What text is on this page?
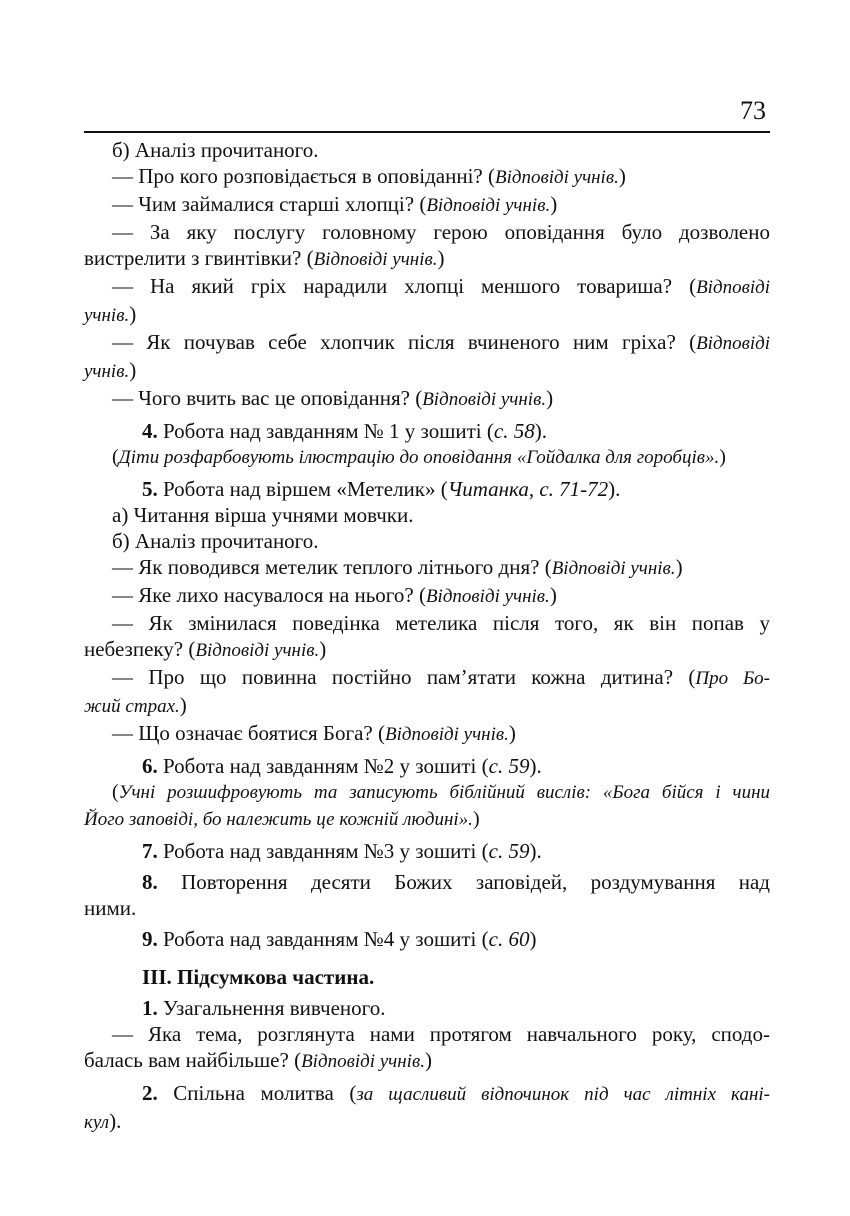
73

б) Аналіз прочитаного.

— Про кого розповідається в оповіданні? (Відповіді учнів.)

— Чим займалися старші хлопці? (Відповіді учнів.)

— За яку послугу головному герою оповідання було дозволено

вистрелити з гвинтівки? (Відповіді учнів.)

— На який гріх нарадили хлопці меншого товариша? (Відповіді

учнів.)

— Як почував себе хлопчик після вчиненого ним гріха? (Відповіді

учнів.)

— Чого вчить вас це оповідання? (Відповіді учнів.)

4. Робота над завданням № 1 у зошиті (с. 58).

(Діти розфарбовують ілюстрацію до оповідання «Гойдалка для горобців».)

5. Робота над віршем «Метелик» (Читанка, с. 71-72).

а) Читання вірша учнями мовчки.

б) Аналіз прочитаного.

— Як поводився метелик теплого літнього дня? (Відповіді учнів.)

— Яке лихо насувалося на нього? (Відповіді учнів.)

— Як змінилася поведінка метелика після того, як він попав у

небезпеку? (Відповіді учнів.)

— Про що повинна постійно пам’ятати кожна дитина? (Про Бо-

жий страх.)

— Що означає боятися Бога? (Відповіді учнів.)

6. Робота над завданням №2 у зошиті (с. 59).

(Учні розшифровують та записують біблійний вислів: «Бога бійся і чини

Його заповіді, бо належить це кожній людині».)

7. Робота над завданням №3 у зошиті (с. 59).

8. Повторення десяти Божих заповідей, роздумування над

ними.

9. Робота над завданням №4 у зошиті (с. 60)

ІІІ. Підсумкова частина.

1. Узагальнення вивченого.

— Яка тема, розглянута нами протягом навчального року, сподо-

балась вам найбільше? (Відповіді учнів.)

2. Спільна молитва (за щасливий відпочинок під час літніх кані-

кул).
